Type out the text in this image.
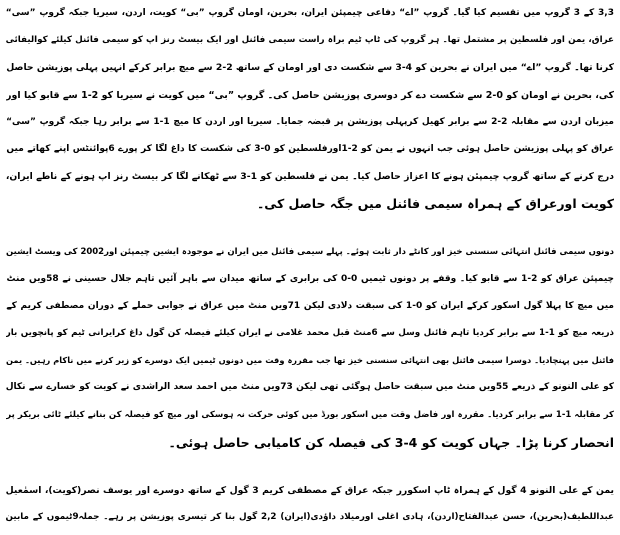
3,3 کے 3 گروپ میں تقسیم کیا گیا۔ گروپ ”اے“ دفاعی چیمپئن ایران، بحرین، اومان گروپ ”بی“ کویت، اردن، سیریا جبکہ گروپ ”سی“
عراق، یمن اور فلسطین پر مشتمل تھا۔ ہر گروپ کی ٹاپ ٹیم براہ راست سیمی فائنل اور ایک بیسٹ رنز اپ کو سیمی فائنل کیلئے کوالیفائی
کرنا تھا۔ گروپ ”اے“ میں ایران نے بحرین کو 4-3 سے شکست دی اور اومان کے ساتھ 2-2 سے میچ برابر کرکے انہیں پہلی پوزیشن حاصل
کی، بحرین نے اومان کو 0-2 سے شکست دے کر دوسری پوزیشن حاصل کی۔ گروپ ”بی“ میں کویت نے سیریا کو 2-1 سے قابو کیا اور
میزبان اردن سے مقابلہ 2-2 سے برابر کھیل کرپہلی پوزیشن پر قبضہ جمایا۔ سیریا اور اردن کا میچ 1-1 سے برابر رہا جبکہ گروپ ”سی“
عراق کو پہلی پوزیشن حاصل ہوئی جب انہوں نے یمن کو 2-1اورفلسطین کو 0-3 کی شکست کا داغ لگا کر پورے 6پوائنٹس اپنے کھاتے میں
درج کرنے کے ساتھ گروپ چیمپئن ہونے کا اعزاز حاصل کیا۔ یمن نے فلسطین کو 1-3 سے ٹھکانے لگا کر بیسٹ رنز اپ ہونے کے ناطے ایران،
کویت اورعراق کے ہمراہ سیمی فائنل میں جگہ حاصل کی۔
دونوں سیمی فائنل انتہائی سنسنی خیز اور کانٹے دار ثابت ہوئے۔ پہلے سیمی فائنل میں ایران نے موجودہ ایشین چیمپئن اور2002 کی ویسٹ ایشین
چیمپئن عراق کو 2-1 سے قابو کیا۔ وقفے پر دونوں ٹیمیں 0-0 کی برابری کے ساتھ میدان سے باہر آئیں تاہم جلال حسینی نے 58ویں منٹ
میں میچ کا پہلا گول اسکور کرکے ایران کو 0-1 کی سبقت دلادی لیکن 71ویں منٹ میں عراق نے جوابی حملے کے دوران مصطفی کریم کے
ذریعہ میچ کو 1-1 سے برابر کردیا تاہم فائنل وسل سے 6منٹ قبل محمد غلامی نے ایران کیلئے فیصلہ کن گول داغ کرایرانی ٹیم کو پانچویں بار
فائنل میں پہنچادیا۔ دوسرا سیمی فائنل بھی انتہائی سنسنی خیز تھا جب مقررہ وقت میں دونوں ٹیمیں ایک دوسرے کو زیر کرنے میں ناکام رہیں۔ یمن
کو علی النونو کے ذریعے 55ویں منٹ میں سبقت حاصل ہوگئی تھی لیکن 73ویں منٹ میں احمد سعد الراشدی نے کویت کو خسارے سے نکال
کر مقابلہ 1-1 سے برابر کردیا۔ مقررہ اور فاضل وقت میں اسکور بورڈ میں کوئی حرکت نہ ہوسکی اور میچ کو فیصلہ کن بنانے کیلئے ٹائی بریکر پر
انحصار کرنا پڑا۔ جہاں کویت کو 4-3 کی فیصلہ کن کامیابی حاصل ہوئی۔
یمن کے علی النونو 4 گول کے ہمراہ ٹاپ اسکورر جبکہ عراق کے مصطفی کریم 3 گول کے ساتھ دوسرے اور یوسف نصر(کویت)، اسمٰعیل
عبداللطیف(بحرین)، حسن عبدالفتاح(اردن)، ہادی اغلی اورمیلاد داؤدی(ایران) 2,2 گول بنا کر تیسری پوزیشن پر رہے۔ جملہ9ٹیموں کے مابین
